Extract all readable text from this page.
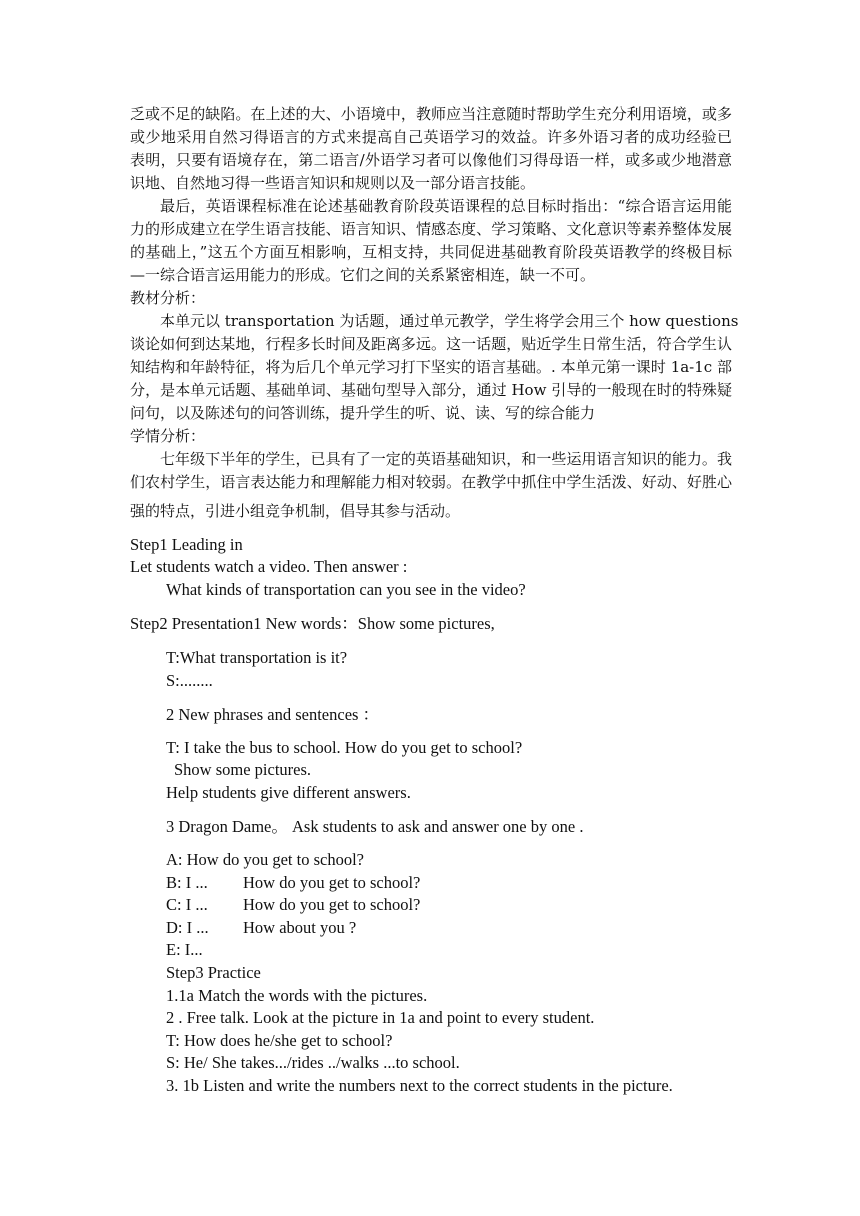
乏或不足的缺陷。在上述的大、小语境中，教师应当注意随时帮助学生充分利用语境，或多
或少地采用自然习得语言的方式来提高自己英语学习的效益。许多外语习者的成功经验已
表明，只要有语境存在，第二语言/外语学习者可以像他们习得母语一样，或多或少地潜意
识地、自然地习得一些语言知识和规则以及一部分语言技能。
最后，英语课程标准在论述基础教育阶段英语课程的总目标时指出：“综合语言运用能
力的形成建立在学生语言技能、语言知识、情感态度、学习策略、文化意识等素养整体发展
的基础上，”这五个方面互相影响，互相支持，共同促进基础教育阶段英语教学的终极目标
—一综合语言运用能力的形成。它们之间的关系紧密相连，缺一不可。
教材分析：
本单元以 transportation 为话题，通过单元教学，学生将学会用三个 how questions
谈论如何到达某地，行程多长时间及距离多远。这一话题，贴近学生日常生活，符合学生认
知结构和年龄特征，将为后几个单元学习打下坚实的语言基础。. 本单元第一课时 1a-1c 部
分，是本单元话题、基础单词、基础句型导入部分，通过 How 引导的一般现在时的特殊疑
问句，以及陈述句的问答训练，提升学生的听、说、读、写的综合能力
学情分析：
七年级下半年的学生，已具有了一定的英语基础知识，和一些运用语言知识的能力。我
们农村学生，语言表达能力和理解能力相对较弱。在教学中抓住中学生活泼、好动、好胜心
强的特点，引进小组竞争机制，倡导其参与活动。
Step1 Leading in
Let students watch a video. Then answer :
What kinds of transportation can you see in the video?
Step2 Presentation1 New words：Show some pictures,
T:What transportation is it?
S:........
2 New phrases and sentences ：
T: I take the bus to school. How do you get to school?
Show some pictures.
Help students give different answers.
3 Dragon Dame。 Ask students to ask and answer one by one .
A: How do you get to school?
B: I ... How do you get to school?
C: I ... How do you get to school?
D: I ... How about you ?
E: I...
Step3 Practice
1.1a Match the words with the pictures.
2 . Free talk. Look at the picture in 1a and point to every student.
T: How does he/she get to school?
S: He/ She takes.../rides ../walks ...to school.
3. 1b Listen and write the numbers next to the correct students in the picture.
